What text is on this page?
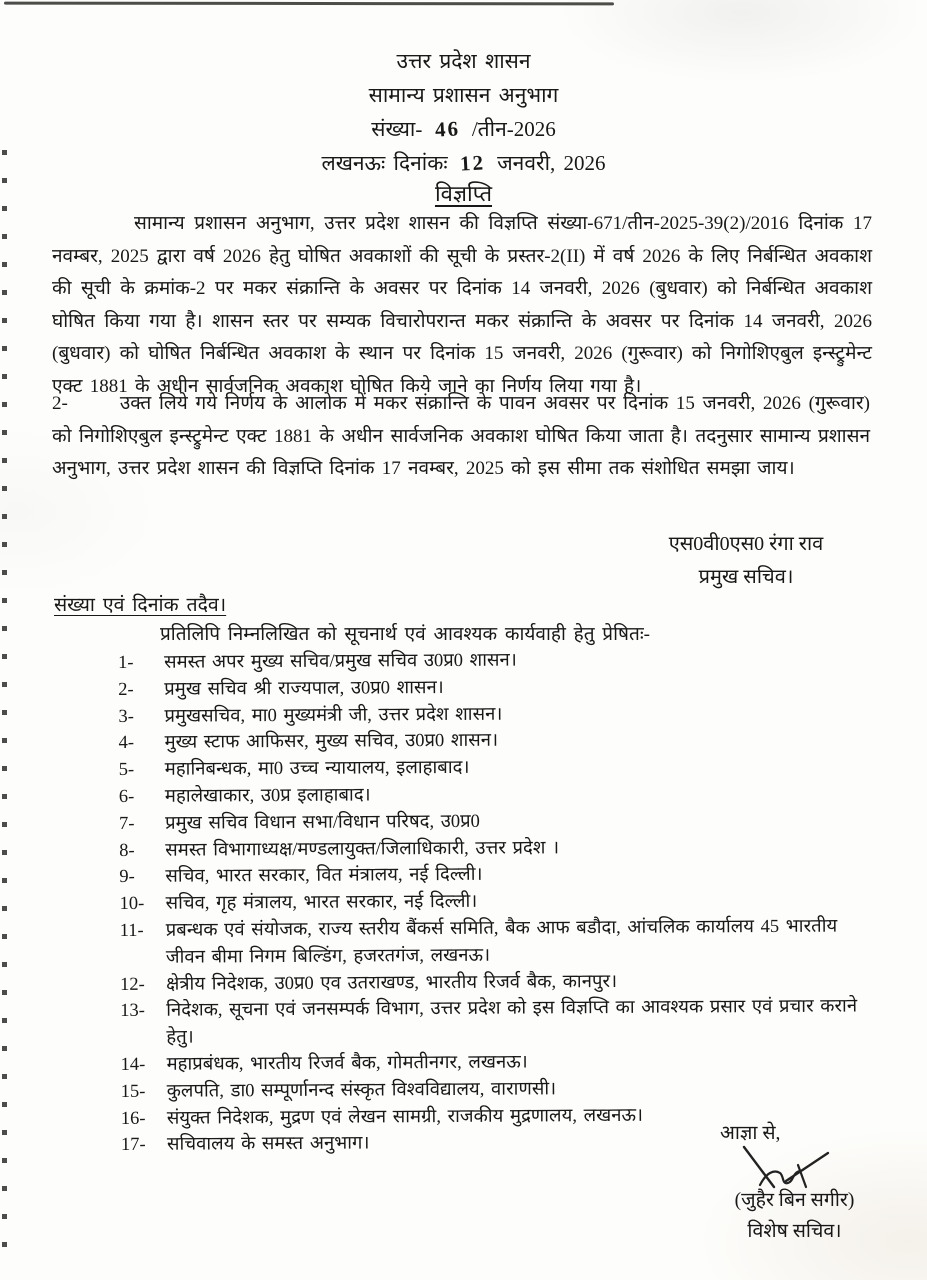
उत्तर प्रदेश शासन
सामान्य प्रशासन अनुभाग
संख्या- 46 /तीन-2026
लखनऊः दिनांकः 12 जनवरी, 2026
विज्ञप्ति
सामान्य प्रशासन अनुभाग, उत्तर प्रदेश शासन की विज्ञप्ति संख्या-671/तीन-2025-39(2)/2016 दिनांक 17 नवम्बर, 2025 द्वारा वर्ष 2026 हेतु घोषित अवकाशों की सूची के प्रस्तर-2(II) में वर्ष 2026 के लिए निर्बन्धित अवकाश की सूची के क्रमांक-2 पर मकर संक्रान्ति के अवसर पर दिनांक 14 जनवरी, 2026 (बुधवार) को निर्बन्धित अवकाश घोषित किया गया है। शासन स्तर पर सम्यक विचारोपरान्त मकर संक्रान्ति के अवसर पर दिनांक 14 जनवरी, 2026 (बुधवार) को घोषित निर्बन्धित अवकाश के स्थान पर दिनांक 15 जनवरी, 2026 (गुरूवार) को निगोशिएबुल इन्स्ट्रुमेन्ट एक्ट 1881 के अधीन सार्वजनिक अवकाश घोषित किये जाने का निर्णय लिया गया है।
2-	उक्त लिये गये निर्णय के आलोक में मकर संक्रान्ति के पावन अवसर पर दिनांक 15 जनवरी, 2026 (गुरूवार) को निगोशिएबुल इन्स्ट्रुमेन्ट एक्ट 1881 के अधीन सार्वजनिक अवकाश घोषित किया जाता है। तदनुसार सामान्य प्रशासन अनुभाग, उत्तर प्रदेश शासन की विज्ञप्ति दिनांक 17 नवम्बर, 2025 को इस सीमा तक संशोधित समझा जाय।
एस0वी0एस0 रंगा राव
प्रमुख सचिव।
संख्या एवं दिनांक तदैव।
प्रतिलिपि निम्नलिखित को सूचनार्थ एवं आवश्यक कार्यवाही हेतु प्रेषितः-
1-	समस्त अपर मुख्य सचिव/प्रमुख सचिव उ0प्र0 शासन।
2-	प्रमुख सचिव श्री राज्यपाल, उ0प्र0 शासन।
3-	प्रमुखसचिव, मा0 मुख्यमंत्री जी, उत्तर प्रदेश शासन।
4-	मुख्य स्टाफ आफिसर, मुख्य सचिव, उ0प्र0 शासन।
5-	महानिबन्धक, मा0 उच्च न्यायालय, इलाहाबाद।
6-	महालेखाकार, उ0प्र इलाहाबाद।
7-	प्रमुख सचिव विधान सभा/विधान परिषद, उ0प्र0
8-	समस्त विभागाध्यक्ष/मण्डलायुक्त/जिलाधिकारी, उत्तर प्रदेश ।
9-	सचिव, भारत सरकार, वित मंत्रालय, नई दिल्ली।
10-	सचिव, गृह मंत्रालय, भारत सरकार, नई दिल्ली।
11-	प्रबन्धक एवं संयोजक, राज्य स्तरीय बैंकर्स समिति, बैक आफ बडौदा, आंचलिक कार्यालय 45 भारतीय जीवन बीमा निगम बिल्डिंग, हजरतगंज, लखनऊ।
12-	क्षेत्रीय निदेशक, उ0प्र0 एव उतराखण्ड, भारतीय रिजर्व बैक, कानपुर।
13-	निदेशक, सूचना एवं जनसम्पर्क विभाग, उत्तर प्रदेश को इस विज्ञप्ति का आवश्यक प्रसार एवं प्रचार कराने हेतु।
14-	महाप्रबंधक, भारतीय रिजर्व बैक, गोमतीनगर, लखनऊ।
15-	कुलपति, डा0 सम्पूर्णानन्द संस्कृत विश्वविद्यालय, वाराणसी।
16-	संयुक्त निदेशक, मुद्रण एवं लेखन सामग्री, राजकीय मुद्रणालय, लखनऊ।
17-	सचिवालय के समस्त अनुभाग।
आज्ञा से,
(जुहैर बिन सगीर)
विशेष सचिव।
